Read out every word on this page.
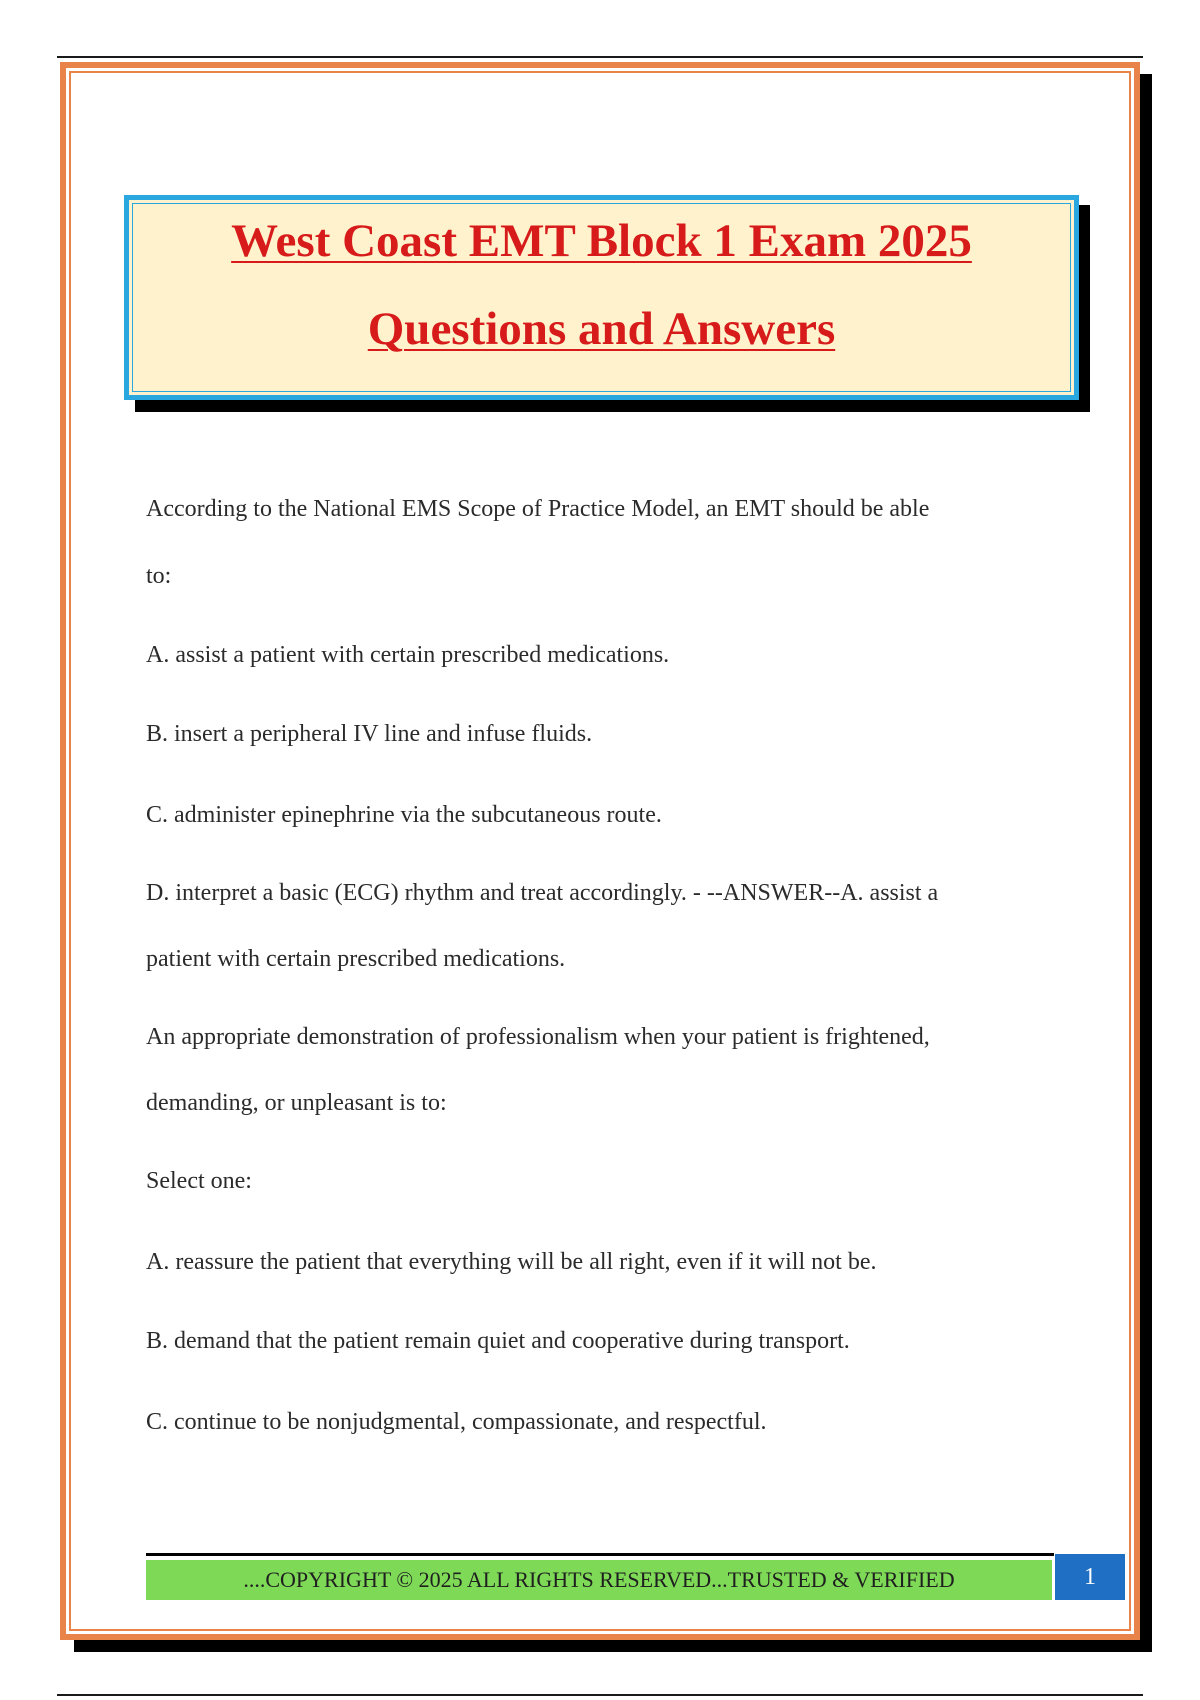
West Coast EMT Block 1 Exam 2025
Questions and Answers
According to the National EMS Scope of Practice Model, an EMT should be able
to:
A. assist a patient with certain prescribed medications.
B. insert a peripheral IV line and infuse fluids.
C. administer epinephrine via the subcutaneous route.
D. interpret a basic (ECG) rhythm and treat accordingly. - --ANSWER--A. assist a
patient with certain prescribed medications.
An appropriate demonstration of professionalism when your patient is frightened,
demanding, or unpleasant is to:
Select one:
A. reassure the patient that everything will be all right, even if it will not be.
B. demand that the patient remain quiet and cooperative during transport.
C. continue to be nonjudgmental, compassionate, and respectful.
....COPYRIGHT © 2025 ALL RIGHTS RESERVED...TRUSTED & VERIFIED	1
